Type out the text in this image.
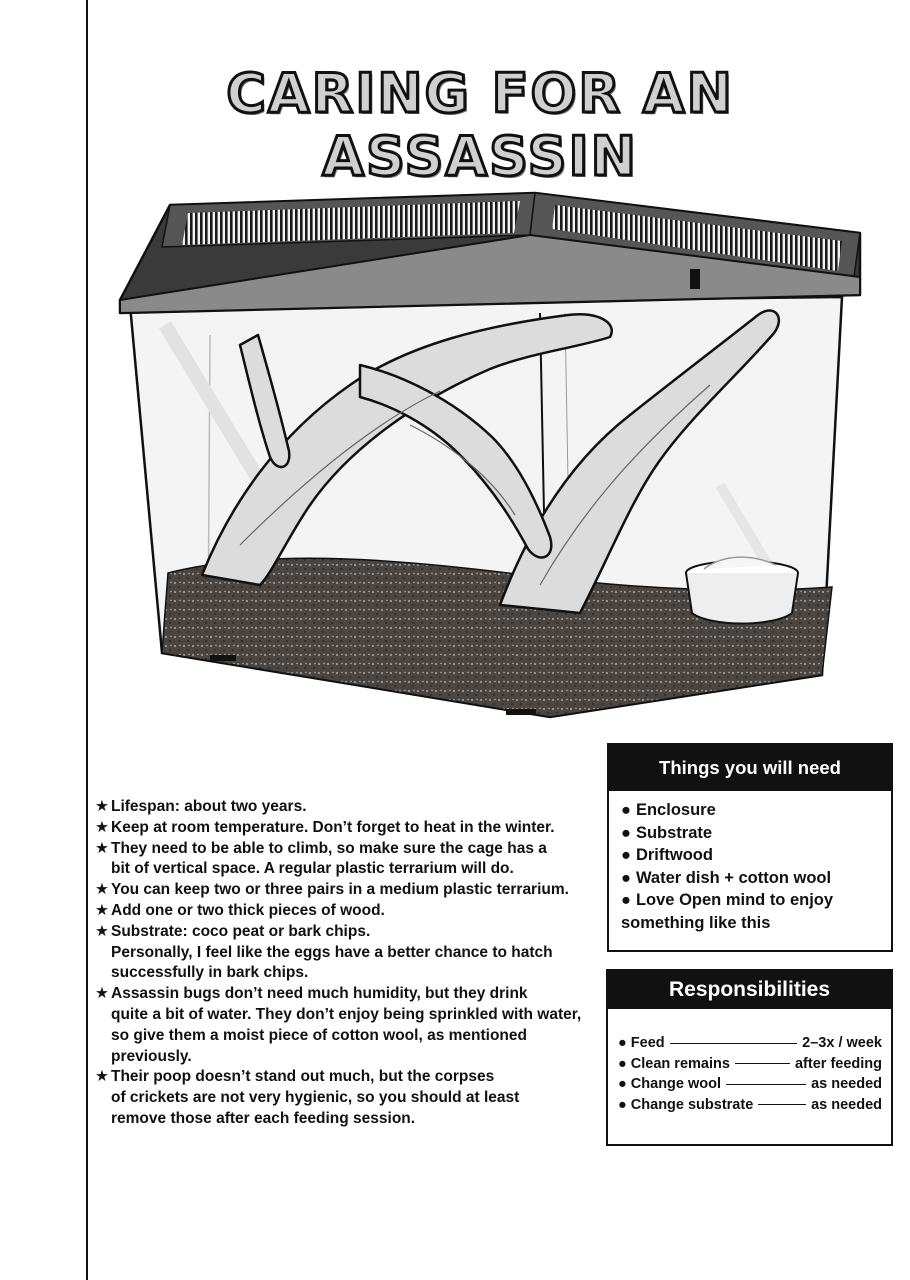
CARING FOR AN ASSASSIN
★ Lifespan: about two years.
★ Keep at room temperature. Don’t forget to heat in the winter.
★ They need to be able to climb, so make sure the cage has a
bit of vertical space. A regular plastic terrarium will do.
★ You can keep two or three pairs in a medium plastic terrarium.
★ Add one or two thick pieces of wood.
★ Substrate: coco peat or bark chips.
Personally, I feel like the eggs have a better chance to hatch
successfully in bark chips.
★ Assassin bugs don’t need much humidity, but they drink
quite a bit of water. They don’t enjoy being sprinkled with water,
so give them a moist piece of cotton wool, as mentioned
previously.
★ Their poop doesn’t stand out much, but the corpses
of crickets are not very hygienic, so you should at least
remove those after each feeding session.
Things you will need
● Enclosure
● Substrate
● Driftwood
● Water dish + cotton wool
● Love Open mind to enjoy
something like this
Responsibilities
●
Feed	2–3x / week
●
Clean remains	after feeding
●
Change wool	as needed
●
Change substrate	as needed
